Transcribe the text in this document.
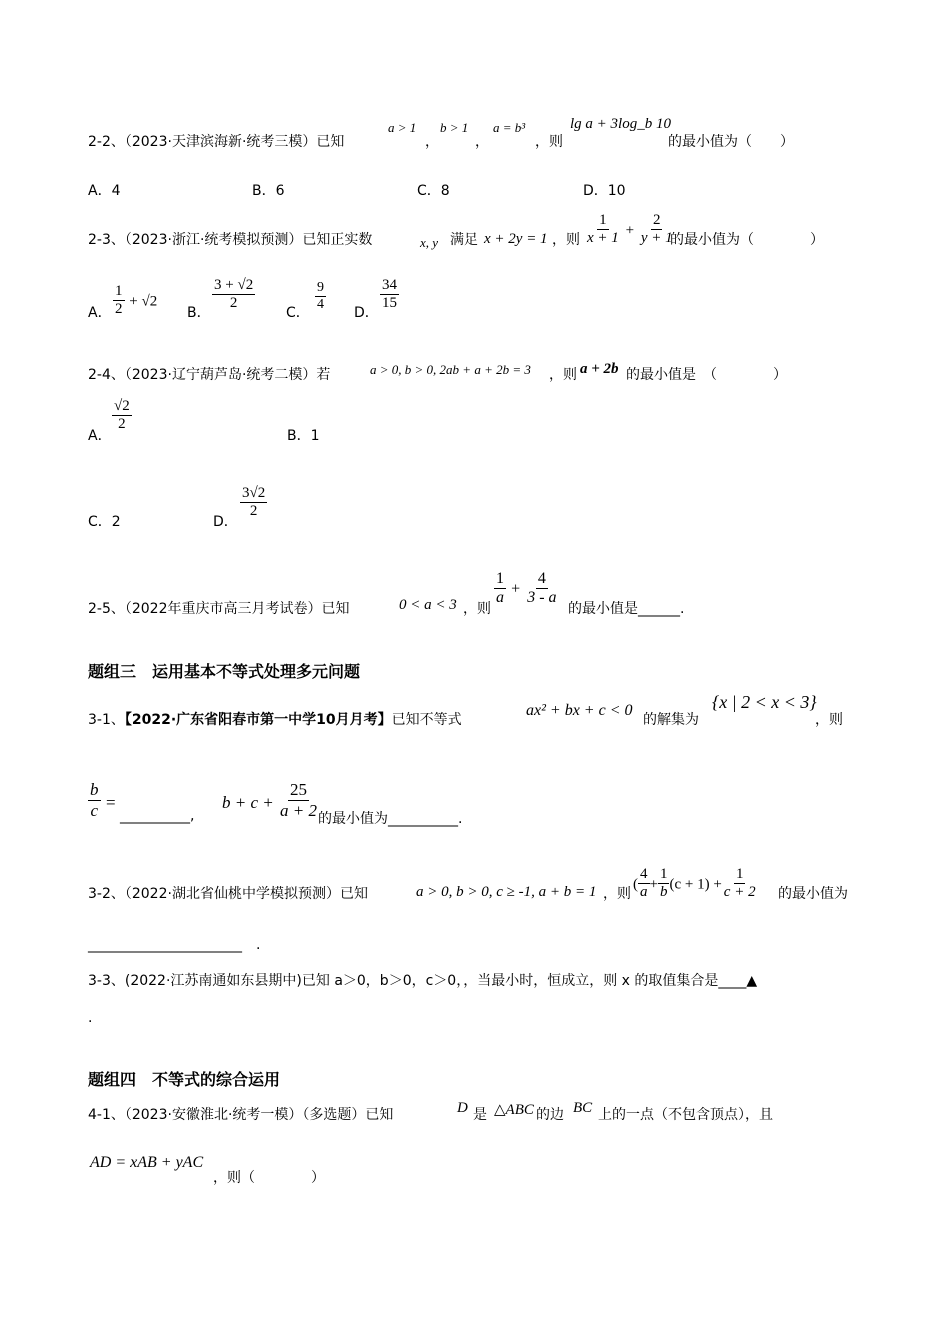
2-2、（2023·天津滨海新·统考三模）已知
a > 1
，
b > 1
，
a = b³
，则
lg a + 3log_b 10
的最小值为（　　）
A．4	B．6	C．8	D．10
2-3、（2023·浙江·统考模拟预测）已知正实数	x, y 满足 x + 2y = 1 ，则 $\frac{1}{x + 1} + \frac{2}{y + 1}$
的最小值为（　　　　）
A． $\frac{1}{2} + √2$
B．
$\frac{3 + √2}{2}$
C． $\frac{9}{4}$ D．
$\frac{34}{15}$
2-4、（2023·辽宁葫芦岛·统考二模）若	a > 0, b > 0, 2ab + a + 2b = 3 ，则 a + 2b 的最小值是　（　　　　）
A．
$\frac{√2}{2}$
B．1
C．2	D．
$\frac{3√2}{2}$
2-5、（2022年重庆市高三月考试卷）已知	0 < a < 3 ，则
$\frac{1}{a} + \frac{4}{3 - a}$
的最小值是______.
题组三　运用基本不等式处理多元问题
3-1、【2022·广东省阳春市第一中学10月月考】已知不等式
ax² + bx + c < 0
的解集为
{x | 2 < x < 3}
，则
$\frac{b}{c}$ =
__________,
$b + c + \frac{25}{a + 2}$ 的最小值为__________.
3-2、（2022·湖北省仙桃中学模拟预测）已知	a > 0, b > 0, c ≥ -1, a + b = 1 ，则
( $\frac{4}{a} + \frac{1}{b} (c + 1) + \frac{1}{c + 2}$ 的最小值为
______________________　.
3-3、(2022·江苏南通如东县期中)已知 a＞0，b＞0，c＞0，，当最小时，恒成立，则 x 的取值集合是____▲
.
题组四　不等式的综合运用
4-1、（2023·安徽淮北·统考一模）（多选题）已知	D 是 △ABC 的边 BC 上的一点（不包含顶点），且
AD = xAB + yAC
，则（　　　　）
